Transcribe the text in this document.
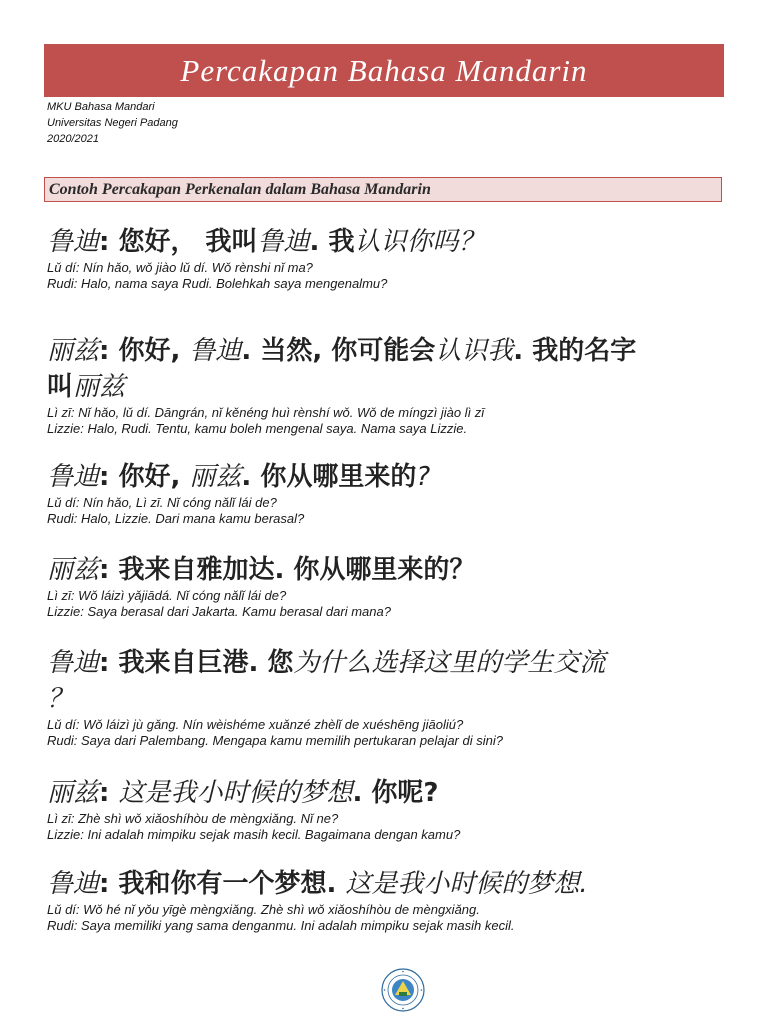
Percakapan Bahasa Mandarin
MKU Bahasa Mandari
Universitas Negeri Padang
2020/2021
Contoh Percakapan Perkenalan dalam Bahasa Mandarin
鲁迪: 您好， 我叫鲁迪. 我认识你吗？
Lǔ dí: Nín hǎo, wǒ jiào lǔ dí. Wǒ rènshi nǐ ma?
Rudi: Halo, nama saya Rudi. Bolehkah saya mengenalmu?
丽兹: 你好, 鲁迪. 当然, 你可能会认识我. 我的名字
叫丽兹
Lì zī: Nǐ hǎo, lǔ dí. Dāngrán, nǐ kěnéng huì rènshí wǒ. Wǒ de míngzì jiào lì zī
Lizzie: Halo, Rudi. Tentu, kamu boleh mengenal saya. Nama saya Lizzie.
鲁迪: 你好, 丽兹. 你从哪里来的?
Lǔ dí: Nín hǎo, Lì zī. Nǐ cóng nǎlǐ lái de?
Rudi: Halo, Lizzie. Dari mana kamu berasal?
丽兹: 我来自雅加达. 你从哪里来的？
Lì zī: Wǒ láizì yǎjiādá. Nǐ cóng nǎlǐ lái de?
Lizzie: Saya berasal dari Jakarta. Kamu berasal dari mana?
鲁迪: 我来自巨港. 您为什么选择这里的学生交流
？
Lǔ dí: Wǒ láizì jù gǎng. Nín wèishéme xuǎnzé zhèlǐ de xuéshēng jiāoliú?
Rudi: Saya dari Palembang. Mengapa kamu memilih pertukaran pelajar di sini?
丽兹: 这是我小时候的梦想. 你呢?
Lì zī: Zhè shì wǒ xiǎoshíhòu de mèngxiǎng. Nǐ ne?
Lizzie: Ini adalah mimpiku sejak masih kecil. Bagaimana dengan kamu?
鲁迪: 我和你有一个梦想. 这是我小时候的梦想.
Lǔ dí: Wǒ hé nǐ yǒu yīgè mèngxiǎng. Zhè shì wǒ xiǎoshíhòu de mèngxiǎng.
Rudi: Saya memiliki yang sama denganmu. Ini adalah mimpiku sejak masih kecil.
